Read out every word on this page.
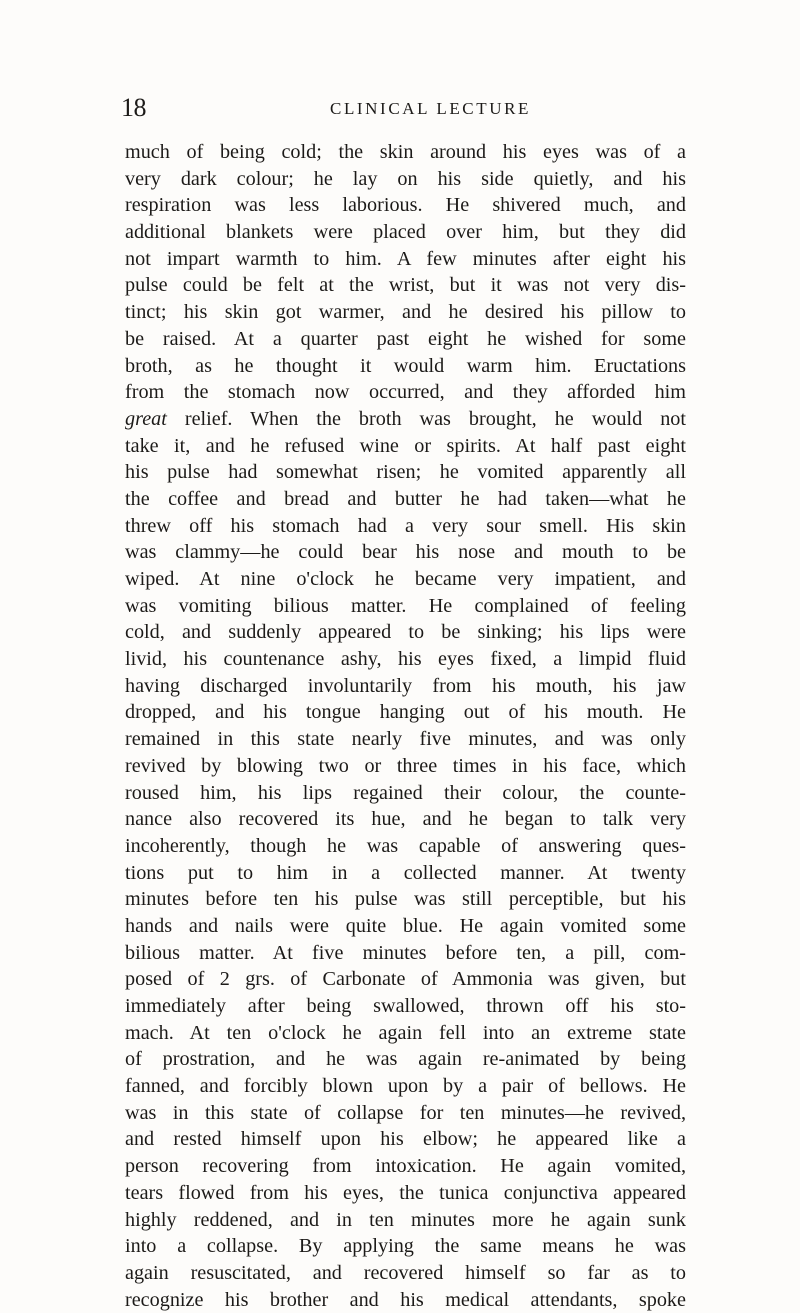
18	CLINICAL LECTURE
much of being cold; the skin around his eyes was of a
very dark colour; he lay on his side quietly, and his
respiration was less laborious. He shivered much, and
additional blankets were placed over him, but they did
not impart warmth to him. A few minutes after eight his
pulse could be felt at the wrist, but it was not very dis-
tinct; his skin got warmer, and he desired his pillow to
be raised. At a quarter past eight he wished for some
broth, as he thought it would warm him. Eructations
from the stomach now occurred, and they afforded him
great relief. When the broth was brought, he would not
take it, and he refused wine or spirits. At half past eight
his pulse had somewhat risen; he vomited apparently all
the coffee and bread and butter he had taken—what he
threw off his stomach had a very sour smell. His skin
was clammy—he could bear his nose and mouth to be
wiped. At nine o'clock he became very impatient, and
was vomiting bilious matter. He complained of feeling
cold, and suddenly appeared to be sinking; his lips were
livid, his countenance ashy, his eyes fixed, a limpid fluid
having discharged involuntarily from his mouth, his jaw
dropped, and his tongue hanging out of his mouth. He
remained in this state nearly five minutes, and was only
revived by blowing two or three times in his face, which
roused him, his lips regained their colour, the counte-
nance also recovered its hue, and he began to talk very
incoherently, though he was capable of answering ques-
tions put to him in a collected manner. At twenty
minutes before ten his pulse was still perceptible, but his
hands and nails were quite blue. He again vomited some
bilious matter. At five minutes before ten, a pill, com-
posed of 2 grs. of Carbonate of Ammonia was given, but
immediately after being swallowed, thrown off his sto-
mach. At ten o'clock he again fell into an extreme state
of prostration, and he was again re-animated by being
fanned, and forcibly blown upon by a pair of bellows. He
was in this state of collapse for ten minutes—he revived,
and rested himself upon his elbow; he appeared like a
person recovering from intoxication. He again vomited,
tears flowed from his eyes, the tunica conjunctiva appeared
highly reddened, and in ten minutes more he again sunk
into a collapse. By applying the same means he was
again resuscitated, and recovered himself so far as to
recognize his brother and his medical attendants, spoke
